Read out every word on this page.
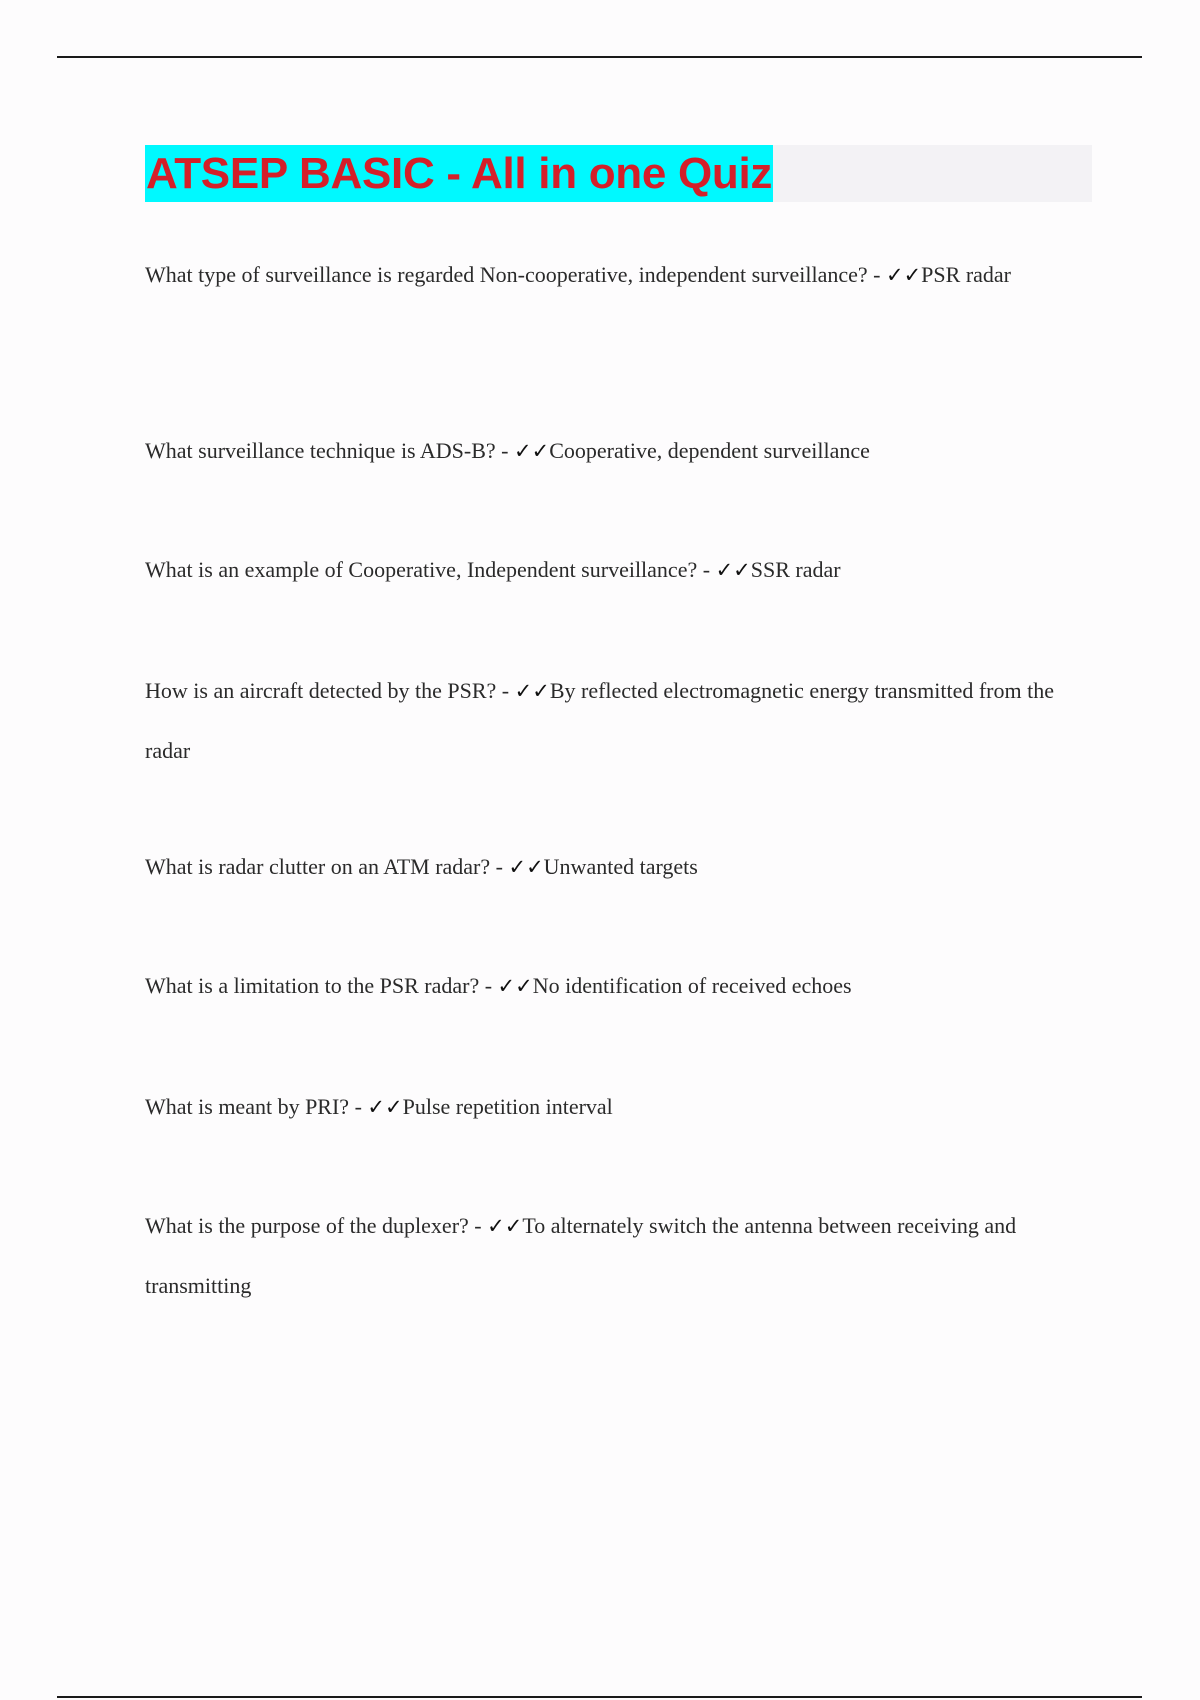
ATSEP BASIC - All in one Quiz

What type of surveillance is regarded Non-cooperative, independent surveillance? - ✓✓PSR radar

What surveillance technique is ADS-B? - ✓✓Cooperative, dependent surveillance

What is an example of Cooperative, Independent surveillance? - ✓✓SSR radar

How is an aircraft detected by the PSR? - ✓✓By reflected electromagnetic energy transmitted from the radar

What is radar clutter on an ATM radar? - ✓✓Unwanted targets

What is a limitation to the PSR radar? - ✓✓No identification of received echoes

What is meant by PRI? - ✓✓Pulse repetition interval

What is the purpose of the duplexer? - ✓✓To alternately switch the antenna between receiving and transmitting
